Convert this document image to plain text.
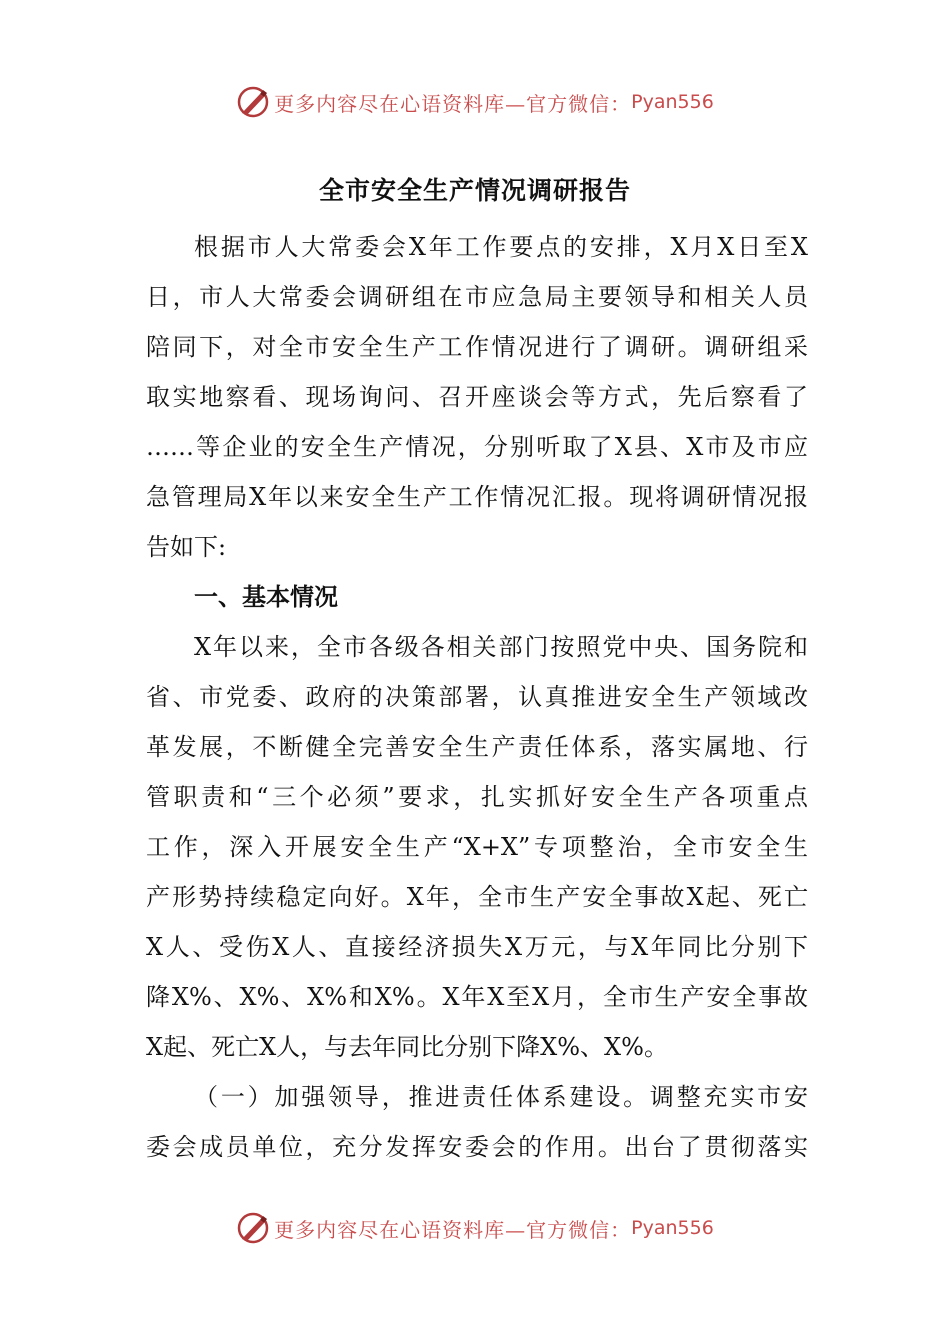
更多内容尽在心语资料库—官方微信： Pyan556
全市安全生产情况调研报告
根据市人大常委会X年工作要点的安排，X月X日至X
日，市人大常委会调研组在市应急局主要领导和相关人员
陪同下，对全市安全生产工作情况进行了调研。调研组采
取实地察看、现场询问、召开座谈会等方式，先后察看了
……等企业的安全生产情况，分别听取了X县、X市及市应
急管理局X年以来安全生产工作情况汇报。现将调研情况报
告如下:
一、基本情况
X年以来，全市各级各相关部门按照党中央、国务院和
省、市党委、政府的决策部署，认真推进安全生产领域改
革发展，不断健全完善安全生产责任体系，落实属地、行
管职责和“三个必须”要求，扎实抓好安全生产各项重点
工作，深入开展安全生产“X+X”专项整治，全市安全生
产形势持续稳定向好。X年，全市生产安全事故X起、死亡
X人、受伤X人、直接经济损失X万元，与X年同比分别下
降X%、X%、X%和X%。X年X至X月，全市生产安全事故
X起、死亡X人，与去年同比分别下降X%、X%。
（一）加强领导，推进责任体系建设。调整充实市安
委会成员单位，充分发挥安委会的作用。出台了贯彻落实
更多内容尽在心语资料库—官方微信： Pyan556
